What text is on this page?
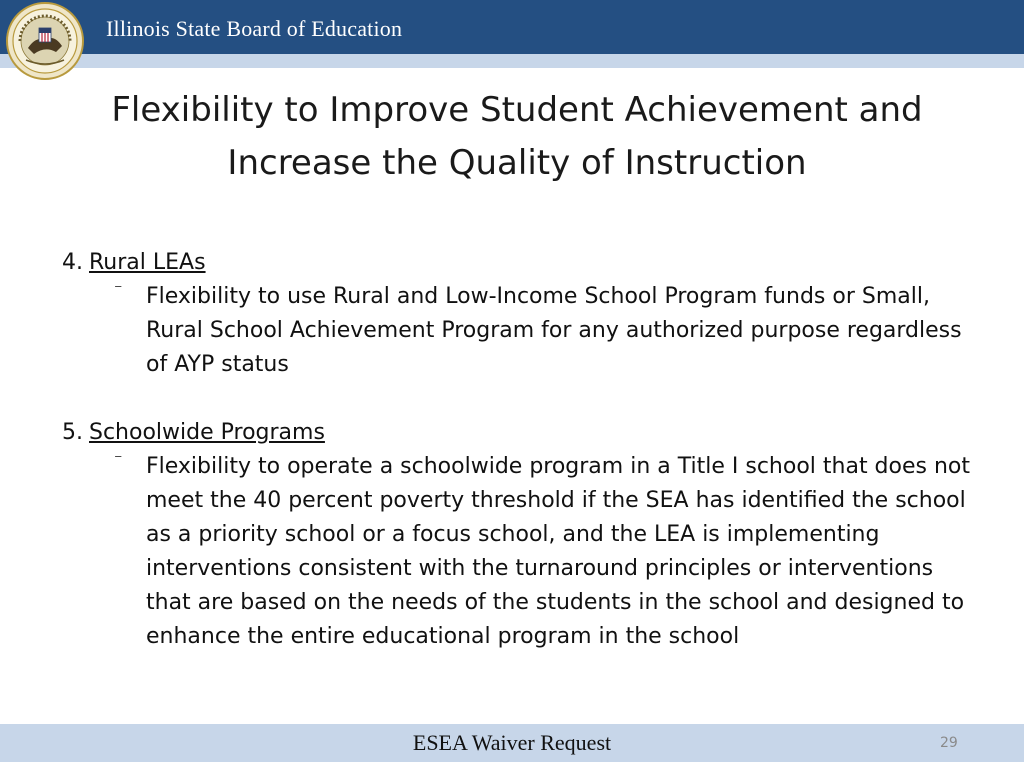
Illinois State Board of Education
Flexibility to Improve Student Achievement and
Increase the Quality of Instruction

4. Rural LEAs

⁻	Flexibility to use Rural and Low-Income School Program funds or Small, Rural School Achievement Program for any authorized purpose regardless of AYP status

5. Schoolwide Programs

⁻	Flexibility to operate a schoolwide program in a Title I school that does not meet the 40 percent poverty threshold if the SEA has identified the school as a priority school or a focus school, and the LEA is implementing interventions consistent with the turnaround principles or interventions that are based on the needs of the students in the school and designed to enhance the entire educational program in the school
ESEA Waiver Request	29
